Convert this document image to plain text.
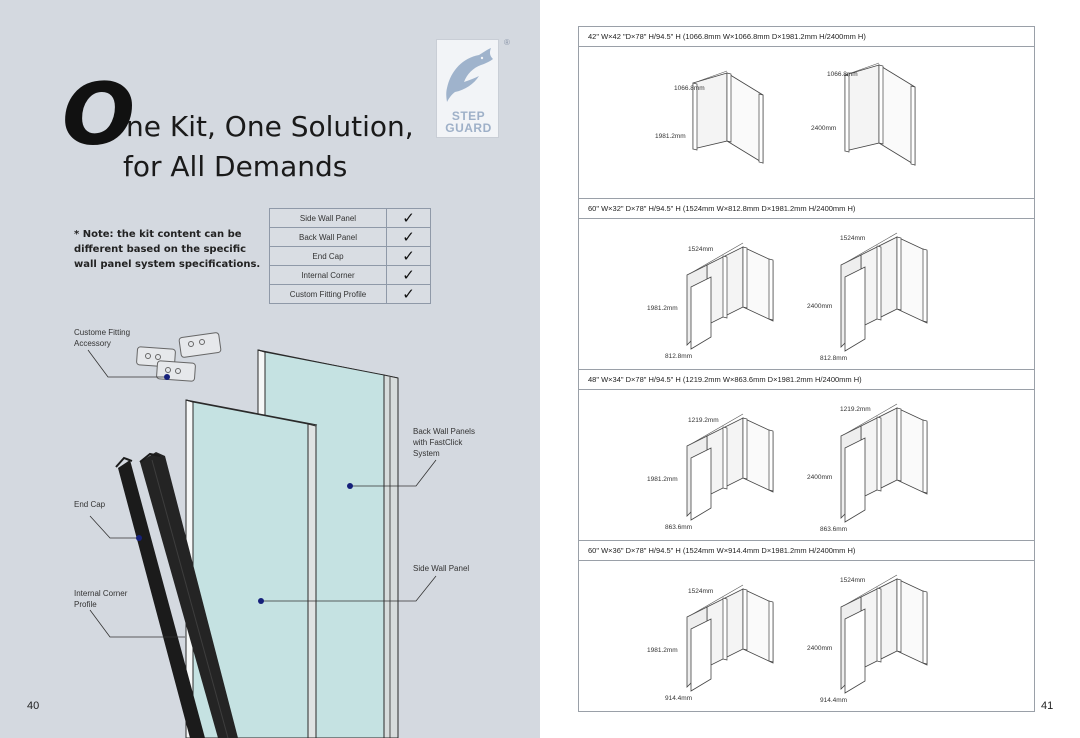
O
ne Kit, One Solution,
for All Demands
STEP
GUARD
®
* Note: the kit content can be different based on the specific wall panel system specifications.
Side Wall Panel	✓
Back Wall Panel	✓
End Cap	✓
Internal Corner	✓
Custom Fitting Profile	✓
Custome Fitting
Accessory
Back Wall Panels
with FastClick
System
End Cap
Side Wall Panel
Internal Corner
Profile
40
42" W×42 "D×78" H/94.5" H (1066.8mm W×1066.8mm D×1981.2mm H/2400mm H)
1066.8mm
1981.2mm
1066.8mm
2400mm
60" W×32" D×78" H/94.5" H (1524mm W×812.8mm D×1981.2mm H/2400mm H)
1524mm
1981.2mm
812.8mm
1524mm
2400mm
812.8mm
48" W×34" D×78" H/94.5" H (1219.2mm W×863.6mm D×1981.2mm H/2400mm H)
1219.2mm
1981.2mm
863.6mm
1219.2mm
2400mm
863.6mm
60" W×36" D×78" H/94.5" H (1524mm W×914.4mm D×1981.2mm H/2400mm H)
1524mm
1981.2mm
914.4mm
1524mm
2400mm
914.4mm	41
